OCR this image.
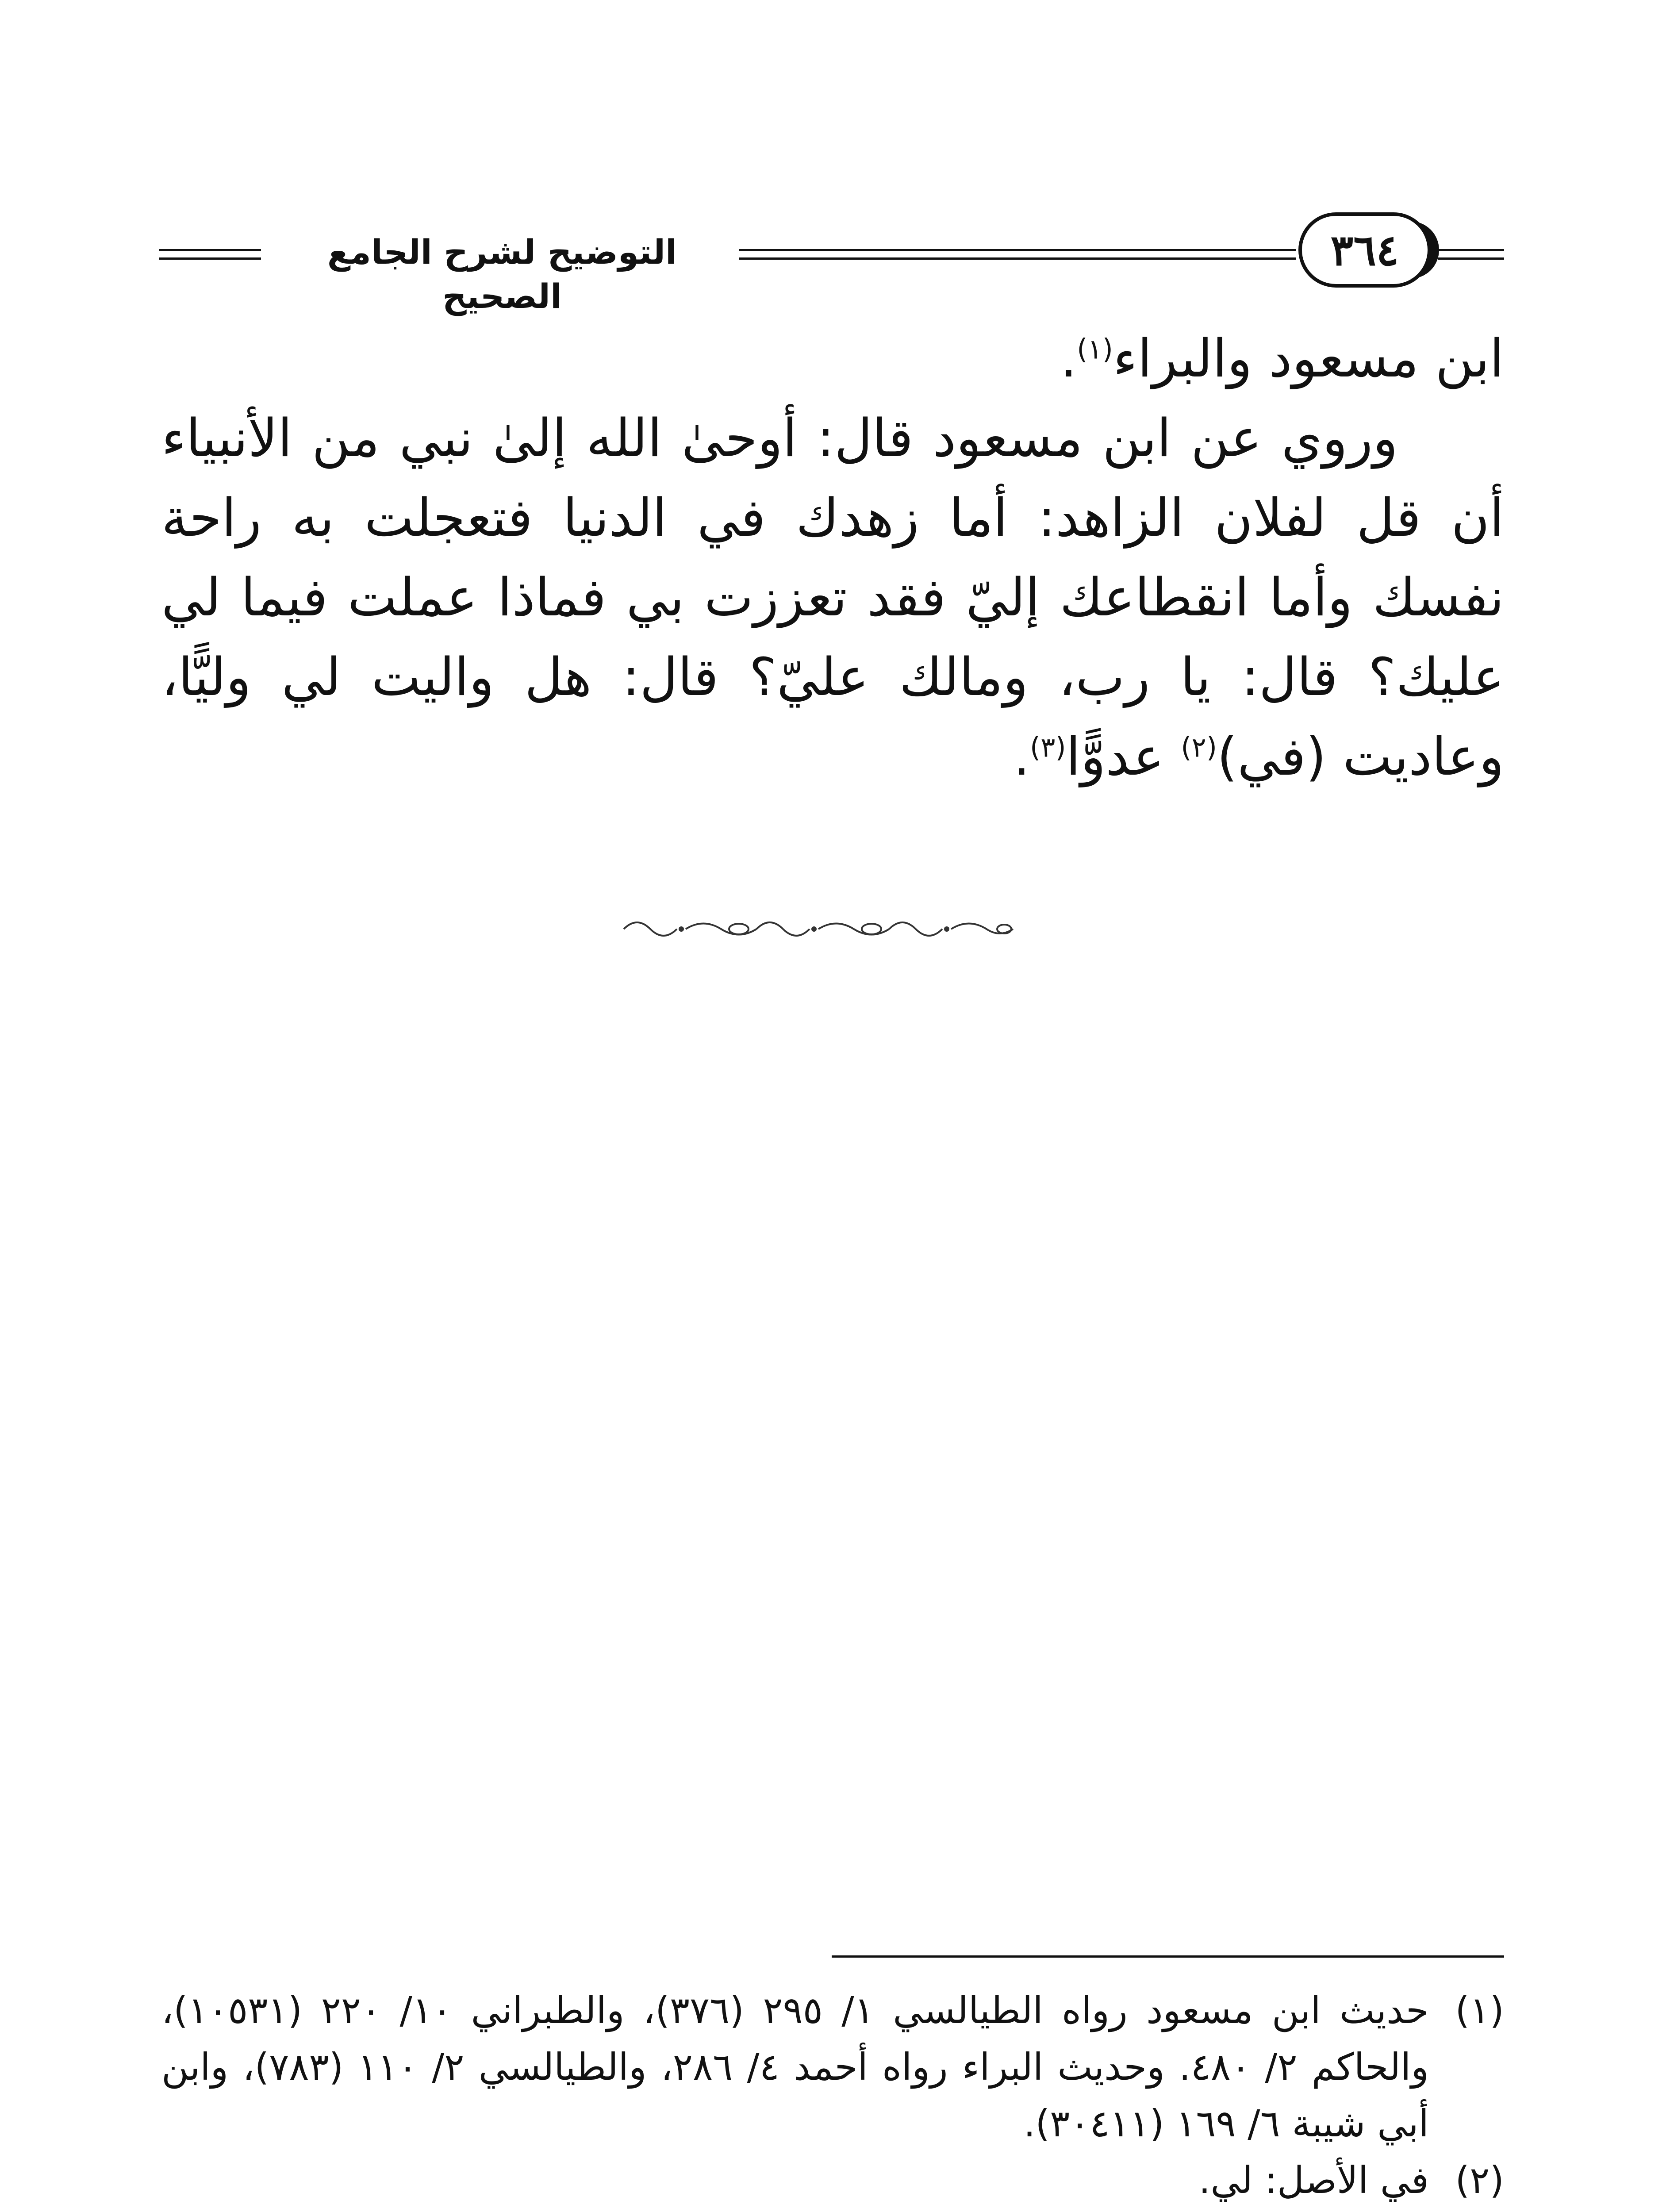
التوضيح لشرح الجامع الصحيح
٣٦٤

ابن مسعود والبراء$^{(١)}$.

وروي عن ابن مسعود قال: أوحىٰ الله إلىٰ نبي من الأنبياء أن قل لفلان الزاهد: أما زهدك في الدنيا فتعجلت به راحة نفسك وأما انقطاعك إليّ فقد تعززت بي فماذا عملت فيما لي عليك؟ قال: يا رب، ومالك عليّ؟ قال: هل واليت لي وليًّا، وعاديت (في)$^{(٢)}$ عدوًّا$^{(٣)}$.

(١)
حديث ابن مسعود رواه الطيالسي ١/ ٢٩٥ (٣٧٦)، والطبراني ١٠/ ٢٢٠ (١٠٥٣١)، والحاكم ٢/ ٤٨٠. وحديث البراء رواه أحمد ٤/ ٢٨٦، والطيالسي ٢/ ١١٠ (٧٨٣)، وابن أبي شيبة ٦/ ١٦٩ (٣٠٤١١).
(٢)
في الأصل: لي.
